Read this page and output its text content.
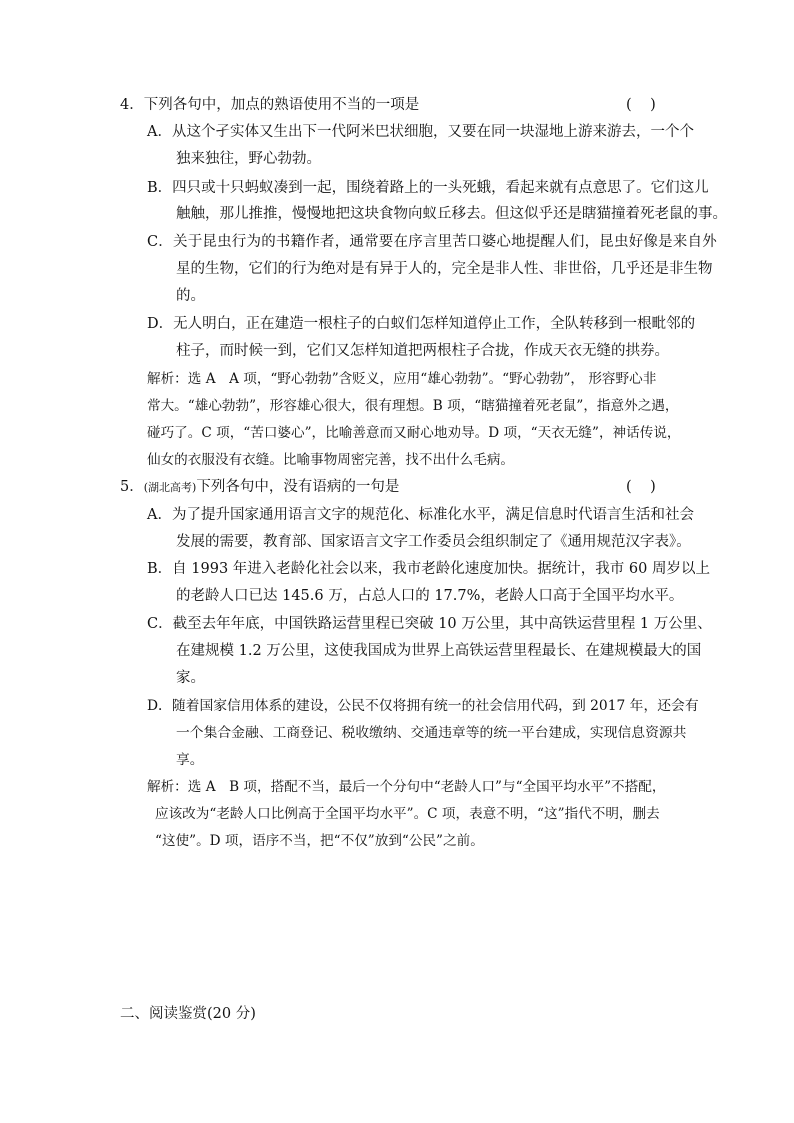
4．下列各句中，加点的熟语使用不当的一项是	(    )
A．从这个孑实体又生出下一代阿米巴状细胞，又要在同一块湿地上游来游去，一个个
独来独往，野心勃勃。
B．四只或十只蚂蚁凑到一起，围绕着路上的一头死蛾，看起来就有点意思了。它们这儿
触触，那儿推推，慢慢地把这块食物向蚁丘移去。但这似乎还是瞎猫撞着死老鼠的事。
C．关于昆虫行为的书籍作者，通常要在序言里苦口婆心地提醒人们，昆虫好像是来自外
星的生物，它们的行为绝对是有异于人的，完全是非人性、非世俗，几乎还是非生物
的。
D．无人明白，正在建造一根柱子的白蚁们怎样知道停止工作，全队转移到一根毗邻的
柱子，而时候一到，它们又怎样知道把两根柱子合拢，作成天衣无缝的拱券。
解析：选 A　A 项，“野心勃勃”含贬义，应用“雄心勃勃”。“野心勃勃”， 形容野心非
常大。“雄心勃勃”，形容雄心很大，很有理想。B 项，“瞎猫撞着死老鼠”，指意外之遇，
碰巧了。C 项，“苦口婆心”，比喻善意而又耐心地劝导。D 项，“天衣无缝”，神话传说，
仙女的衣服没有衣缝。比喻事物周密完善，找不出什么毛病。
5．(湖北高考)下列各句中，没有语病的一句是	(    )
A．为了提升国家通用语言文字的规范化、标准化水平，满足信息时代语言生活和社会
发展的需要，教育部、国家语言文字工作委员会组织制定了《通用规范汉字表》。
B．自 1993 年进入老龄化社会以来，我市老龄化速度加快。据统计，我市 60 周岁以上
的老龄人口已达 145.6 万，占总人口的 17.7%，老龄人口高于全国平均水平。
C．截至去年年底，中国铁路运营里程已突破 10 万公里，其中高铁运营里程 1 万公里、
在建规模 1.2 万公里，这使我国成为世界上高铁运营里程最长、在建规模最大的国
家。
D．随着国家信用体系的建设，公民不仅将拥有统一的社会信用代码，到 2017 年，还会有
一个集合金融、工商登记、税收缴纳、交通违章等的统一平台建成，实现信息资源共
享。
解析：选 A　B 项，搭配不当，最后一个分句中“老龄人口”与“全国平均水平”不搭配，
应该改为“老龄人口比例高于全国平均水平”。C 项，表意不明，“这”指代不明，删去
“这使”。D 项，语序不当，把“不仅”放到“公民”之前。
二、阅读鉴赏(20 分)
